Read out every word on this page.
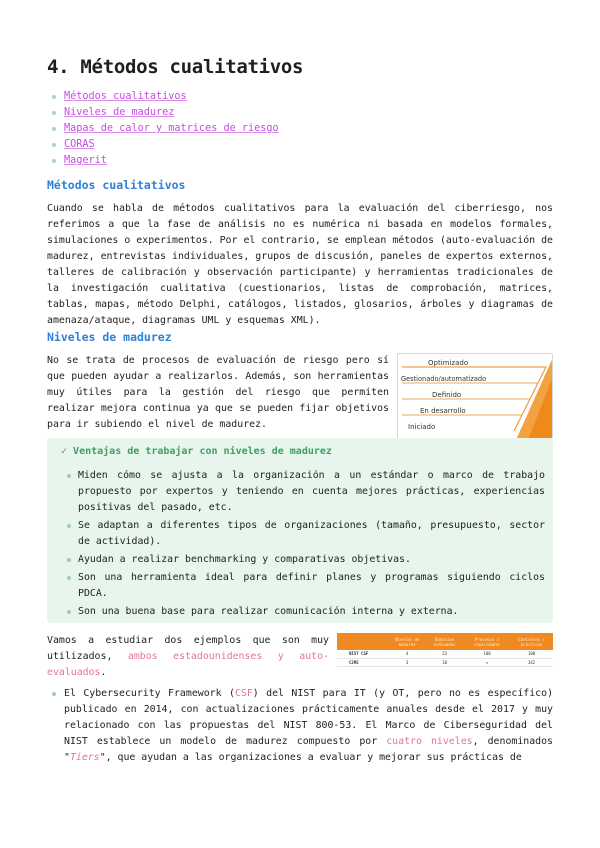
4. Métodos cualitativos
Métodos cualitativos
Niveles de madurez
Mapas de calor y matrices de riesgo
CORAS
Magerit
Métodos cualitativos
Cuando se habla de métodos cualitativos para la evaluación del ciberriesgo, nos referimos a que la fase de análisis no es numérica ni basada en modelos formales, simulaciones o experimentos. Por el contrario, se emplean métodos (auto-evaluación de madurez, entrevistas individuales, grupos de discusión, paneles de expertos externos, talleres de calibración y observación participante) y herramientas tradicionales de la investigación cualitativa (cuestionarios, listas de comprobación, matrices, tablas, mapas, método Delphi, catálogos, listados, glosarios, árboles y diagramas de amenaza/ataque, diagramas UML y esquemas XML).
Niveles de madurez
No se trata de procesos de evaluación de riesgo pero sí que pueden ayudar a realizarlos. Además, son herramientas muy útiles para la gestión del riesgo que permiten realizar mejora continua ya que se pueden fijar objetivos para ir subiendo el nivel de madurez.
Optimizado
Gestionado/automatizado
Definido
En desarrollo
Iniciado
✓ Ventajas de trabajar con niveles de madurez
Miden cómo se ajusta a la organización a un estándar o marco de trabajo propuesto por expertos y teniendo en cuenta mejores prácticas, experiencias positivas del pasado, etc.
Se adaptan a diferentes tipos de organizaciones (tamaño, presupuesto, sector de actividad).
Ayudan a realizar benchmarking y comparativas objetivas.
Son una herramienta ideal para definir planes y programas siguiendo ciclos PDCA.
Son una buena base para realizar comunicación interna y externa.
Vamos a estudiar dos ejemplos que son muy utilizados, ambos estadounidenses y auto-evaluados.
	Niveles de madurez	Dominios evaluados	Procesos / capacidades	Controles / prácticas
NIST CSF	4	23	108	108
C2M2	3	10	✕	342
El Cybersecurity Framework (CSF) del NIST para IT (y OT, pero no es específico) publicado en 2014, con actualizaciones prácticamente anuales desde el 2017 y muy relacionado con las propuestas del NIST 800-53. El Marco de Ciberseguridad del NIST establece un modelo de madurez compuesto por cuatro niveles, denominados "Tiers", que ayudan a las organizaciones a evaluar y mejorar sus prácticas de
